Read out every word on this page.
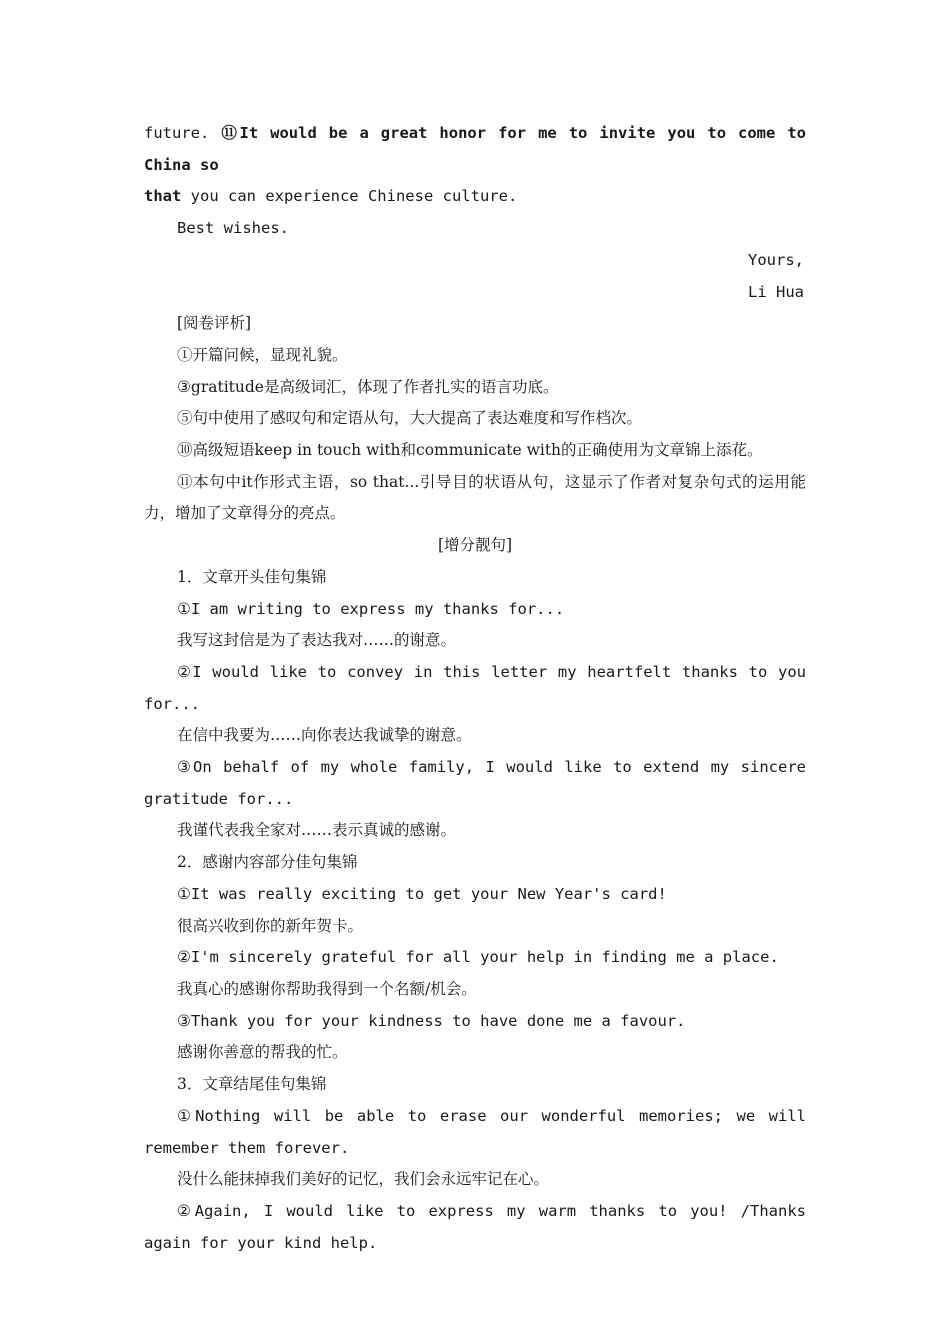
future. ⑪It would be a great honor for me to invite you to come to China so

that you can experience Chinese culture.

Best wishes.

Yours,

Li Hua

[阅卷评析]

①开篇问候，显现礼貌。

③gratitude是高级词汇，体现了作者扎实的语言功底。

⑤句中使用了感叹句和定语从句，大大提高了表达难度和写作档次。

⑩高级短语keep in touch with和communicate with的正确使用为文章锦上添花。

⑪本句中it作形式主语，so that...引导目的状语从句，这显示了作者对复杂句式的运用能力，增加了文章得分的亮点。

[增分靓句]

1．文章开头佳句集锦

①I am writing to express my thanks for...

我写这封信是为了表达我对……的谢意。

②I would like to convey in this letter my heartfelt thanks to you for...

在信中我要为……向你表达我诚挚的谢意。

③On behalf of my whole family, I would like to extend my sincere gratitude for...

我谨代表我全家对……表示真诚的感谢。

2．感谢内容部分佳句集锦

①It was really exciting to get your New Year's card!

很高兴收到你的新年贺卡。

②I'm sincerely grateful for all your help in finding me a place.

我真心的感谢你帮助我得到一个名额/机会。

③Thank you for your kindness to have done me a favour.

感谢你善意的帮我的忙。

3．文章结尾佳句集锦

①Nothing will be able to erase our wonderful memories; we will remember them forever.

没什么能抹掉我们美好的记忆，我们会永远牢记在心。

②Again, I would like to express my warm thanks to you! /Thanks again for your kind help.
